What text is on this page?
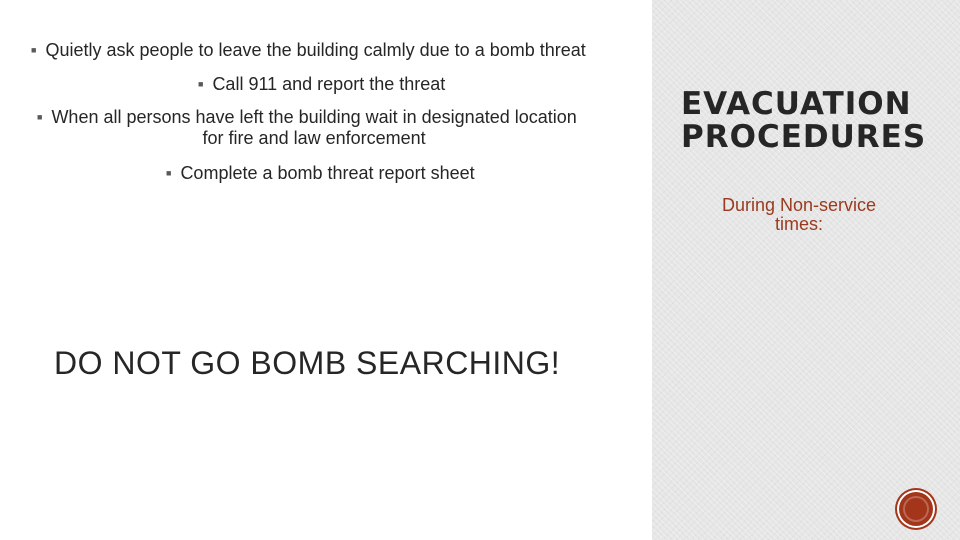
■ Quietly ask people to leave the building calmly due to a bomb threat
■ Call 911 and report the threat
■ When all persons have left the building wait in designated location
for fire and law enforcement
■ Complete a bomb threat report sheet
DO NOT GO BOMB SEARCHING!
EVACUATION
PROCEDURES
During Non-service
times:
